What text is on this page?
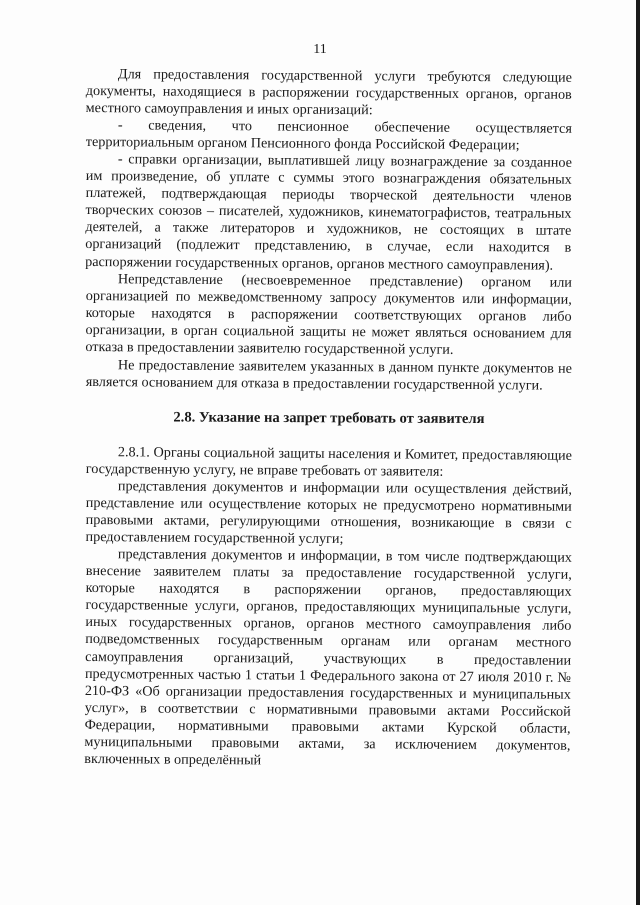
11

Для предоставления государственной услуги требуются следующие документы, находящиеся в распоряжении государственных органов, органов местного самоуправления и иных организаций:

- сведения, что пенсионное обеспечение осуществляется территориальным органом Пенсионного фонда Российской Федерации;

- справки организации, выплатившей лицу вознаграждение за созданное им произведение, об уплате с суммы этого вознаграждения обязательных платежей, подтверждающая периоды творческой деятельности членов творческих союзов – писателей, художников, кинематографистов, театральных деятелей, а также литераторов и художников, не состоящих в штате организаций (подлежит представлению, в случае, если находится в распоряжении государственных органов, органов местного самоуправления).

Непредставление (несвоевременное представление) органом или организацией по межведомственному запросу документов или информации, которые находятся в распоряжении соответствующих органов либо организации, в орган социальной защиты не может являться основанием для отказа в предоставлении заявителю государственной услуги.

Не предоставление заявителем указанных в данном пункте документов не является основанием для отказа в предоставлении государственной услуги.

2.8. Указание на запрет требовать от заявителя

2.8.1. Органы социальной защиты населения и Комитет, предоставляющие государственную услугу, не вправе требовать от заявителя:

представления документов и информации или осуществления действий, представление или осуществление которых не предусмотрено нормативными правовыми актами, регулирующими отношения, возникающие в связи с предоставлением государственной услуги;

представления документов и информации, в том числе подтверждающих внесение заявителем платы за предоставление государственной услуги, которые находятся в распоряжении органов, предоставляющих государственные услуги, органов, предоставляющих муниципальные услуги, иных государственных органов, органов местного самоуправления либо подведомственных государственным органам или органам местного самоуправления организаций, участвующих в предоставлении предусмотренных частью 1 статьи 1 Федерального закона от 27 июля 2010 г. № 210-ФЗ «Об организации предоставления государственных и муниципальных услуг», в соответствии с нормативными правовыми актами Российской Федерации, нормативными правовыми актами Курской области, муниципальными правовыми актами, за исключением документов, включенных в определённый
